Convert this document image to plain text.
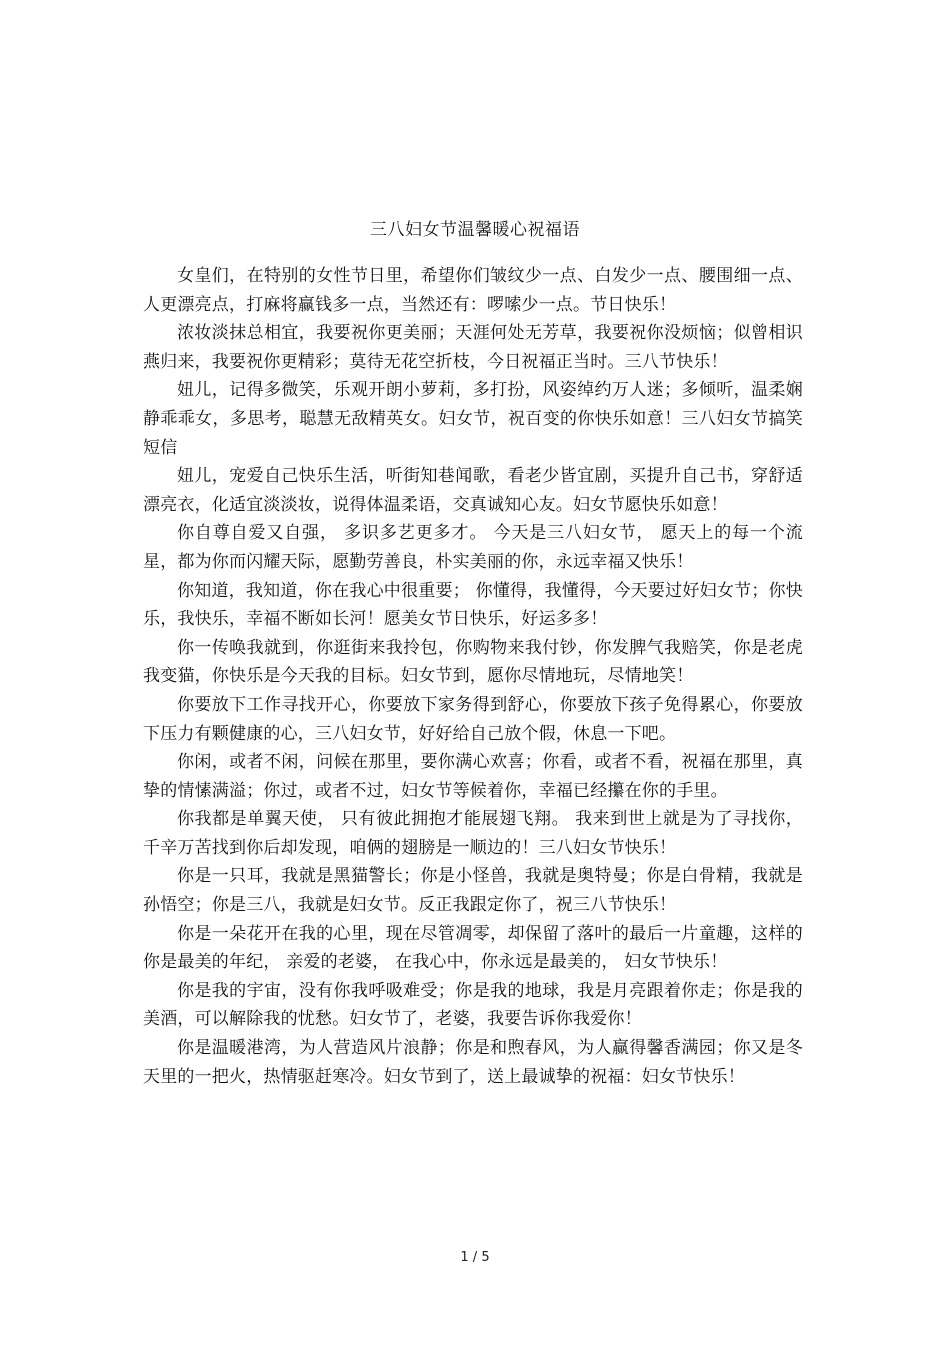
三八妇女节温馨暖心祝福语

女皇们，在特别的女性节日里，希望你们皱纹少一点、白发少一点、腰围细一点、人更漂亮点，打麻将赢钱多一点，当然还有：啰嗦少一点。节日快乐！

浓妆淡抹总相宜，我要祝你更美丽；天涯何处无芳草，我要祝你没烦恼；似曾相识燕归来，我要祝你更精彩；莫待无花空折枝，今日祝福正当时。三八节快乐！

妞儿，记得多微笑，乐观开朗小萝莉，多打扮，风姿绰约万人迷；多倾听，温柔娴静乖乖女，多思考，聪慧无敌精英女。妇女节，祝百变的你快乐如意！三八妇女节搞笑短信

妞儿，宠爱自己快乐生活，听街知巷闻歌，看老少皆宜剧，买提升自己书，穿舒适漂亮衣，化适宜淡淡妆，说得体温柔语，交真诚知心友。妇女节愿快乐如意！

你自尊自爱又自强， 多识多艺更多才。 今天是三八妇女节， 愿天上的每一个流星，都为你而闪耀天际，愿勤劳善良，朴实美丽的你，永远幸福又快乐！

你知道，我知道，你在我心中很重要； 你懂得，我懂得，今天要过好妇女节；你快乐，我快乐，幸福不断如长河！愿美女节日快乐，好运多多！

你一传唤我就到，你逛街来我拎包，你购物来我付钞，你发脾气我赔笑，你是老虎我变猫，你快乐是今天我的目标。妇女节到，愿你尽情地玩，尽情地笑！

你要放下工作寻找开心，你要放下家务得到舒心，你要放下孩子免得累心，你要放下压力有颗健康的心，三八妇女节，好好给自己放个假，休息一下吧。

你闲，或者不闲，问候在那里，要你满心欢喜；你看，或者不看，祝福在那里，真挚的情愫满溢；你过，或者不过，妇女节等候着你，幸福已经攥在你的手里。

你我都是单翼天使， 只有彼此拥抱才能展翅飞翔。 我来到世上就是为了寻找你，千辛万苦找到你后却发现，咱俩的翅膀是一顺边的！三八妇女节快乐！

你是一只耳，我就是黑猫警长；你是小怪兽，我就是奥特曼；你是白骨精，我就是孙悟空；你是三八，我就是妇女节。反正我跟定你了，祝三八节快乐！

你是一朵花开在我的心里，现在尽管凋零，却保留了落叶的最后一片童趣，这样的你是最美的年纪， 亲爱的老婆， 在我心中，你永远是最美的， 妇女节快乐！

你是我的宇宙，没有你我呼吸难受；你是我的地球，我是月亮跟着你走；你是我的美酒，可以解除我的忧愁。妇女节了，老婆，我要告诉你我爱你！

你是温暖港湾，为人营造风片浪静；你是和煦春风，为人赢得馨香满园；你又是冬天里的一把火，热情驱赶寒冷。妇女节到了，送上最诚挚的祝福：妇女节快乐！

1 / 5
